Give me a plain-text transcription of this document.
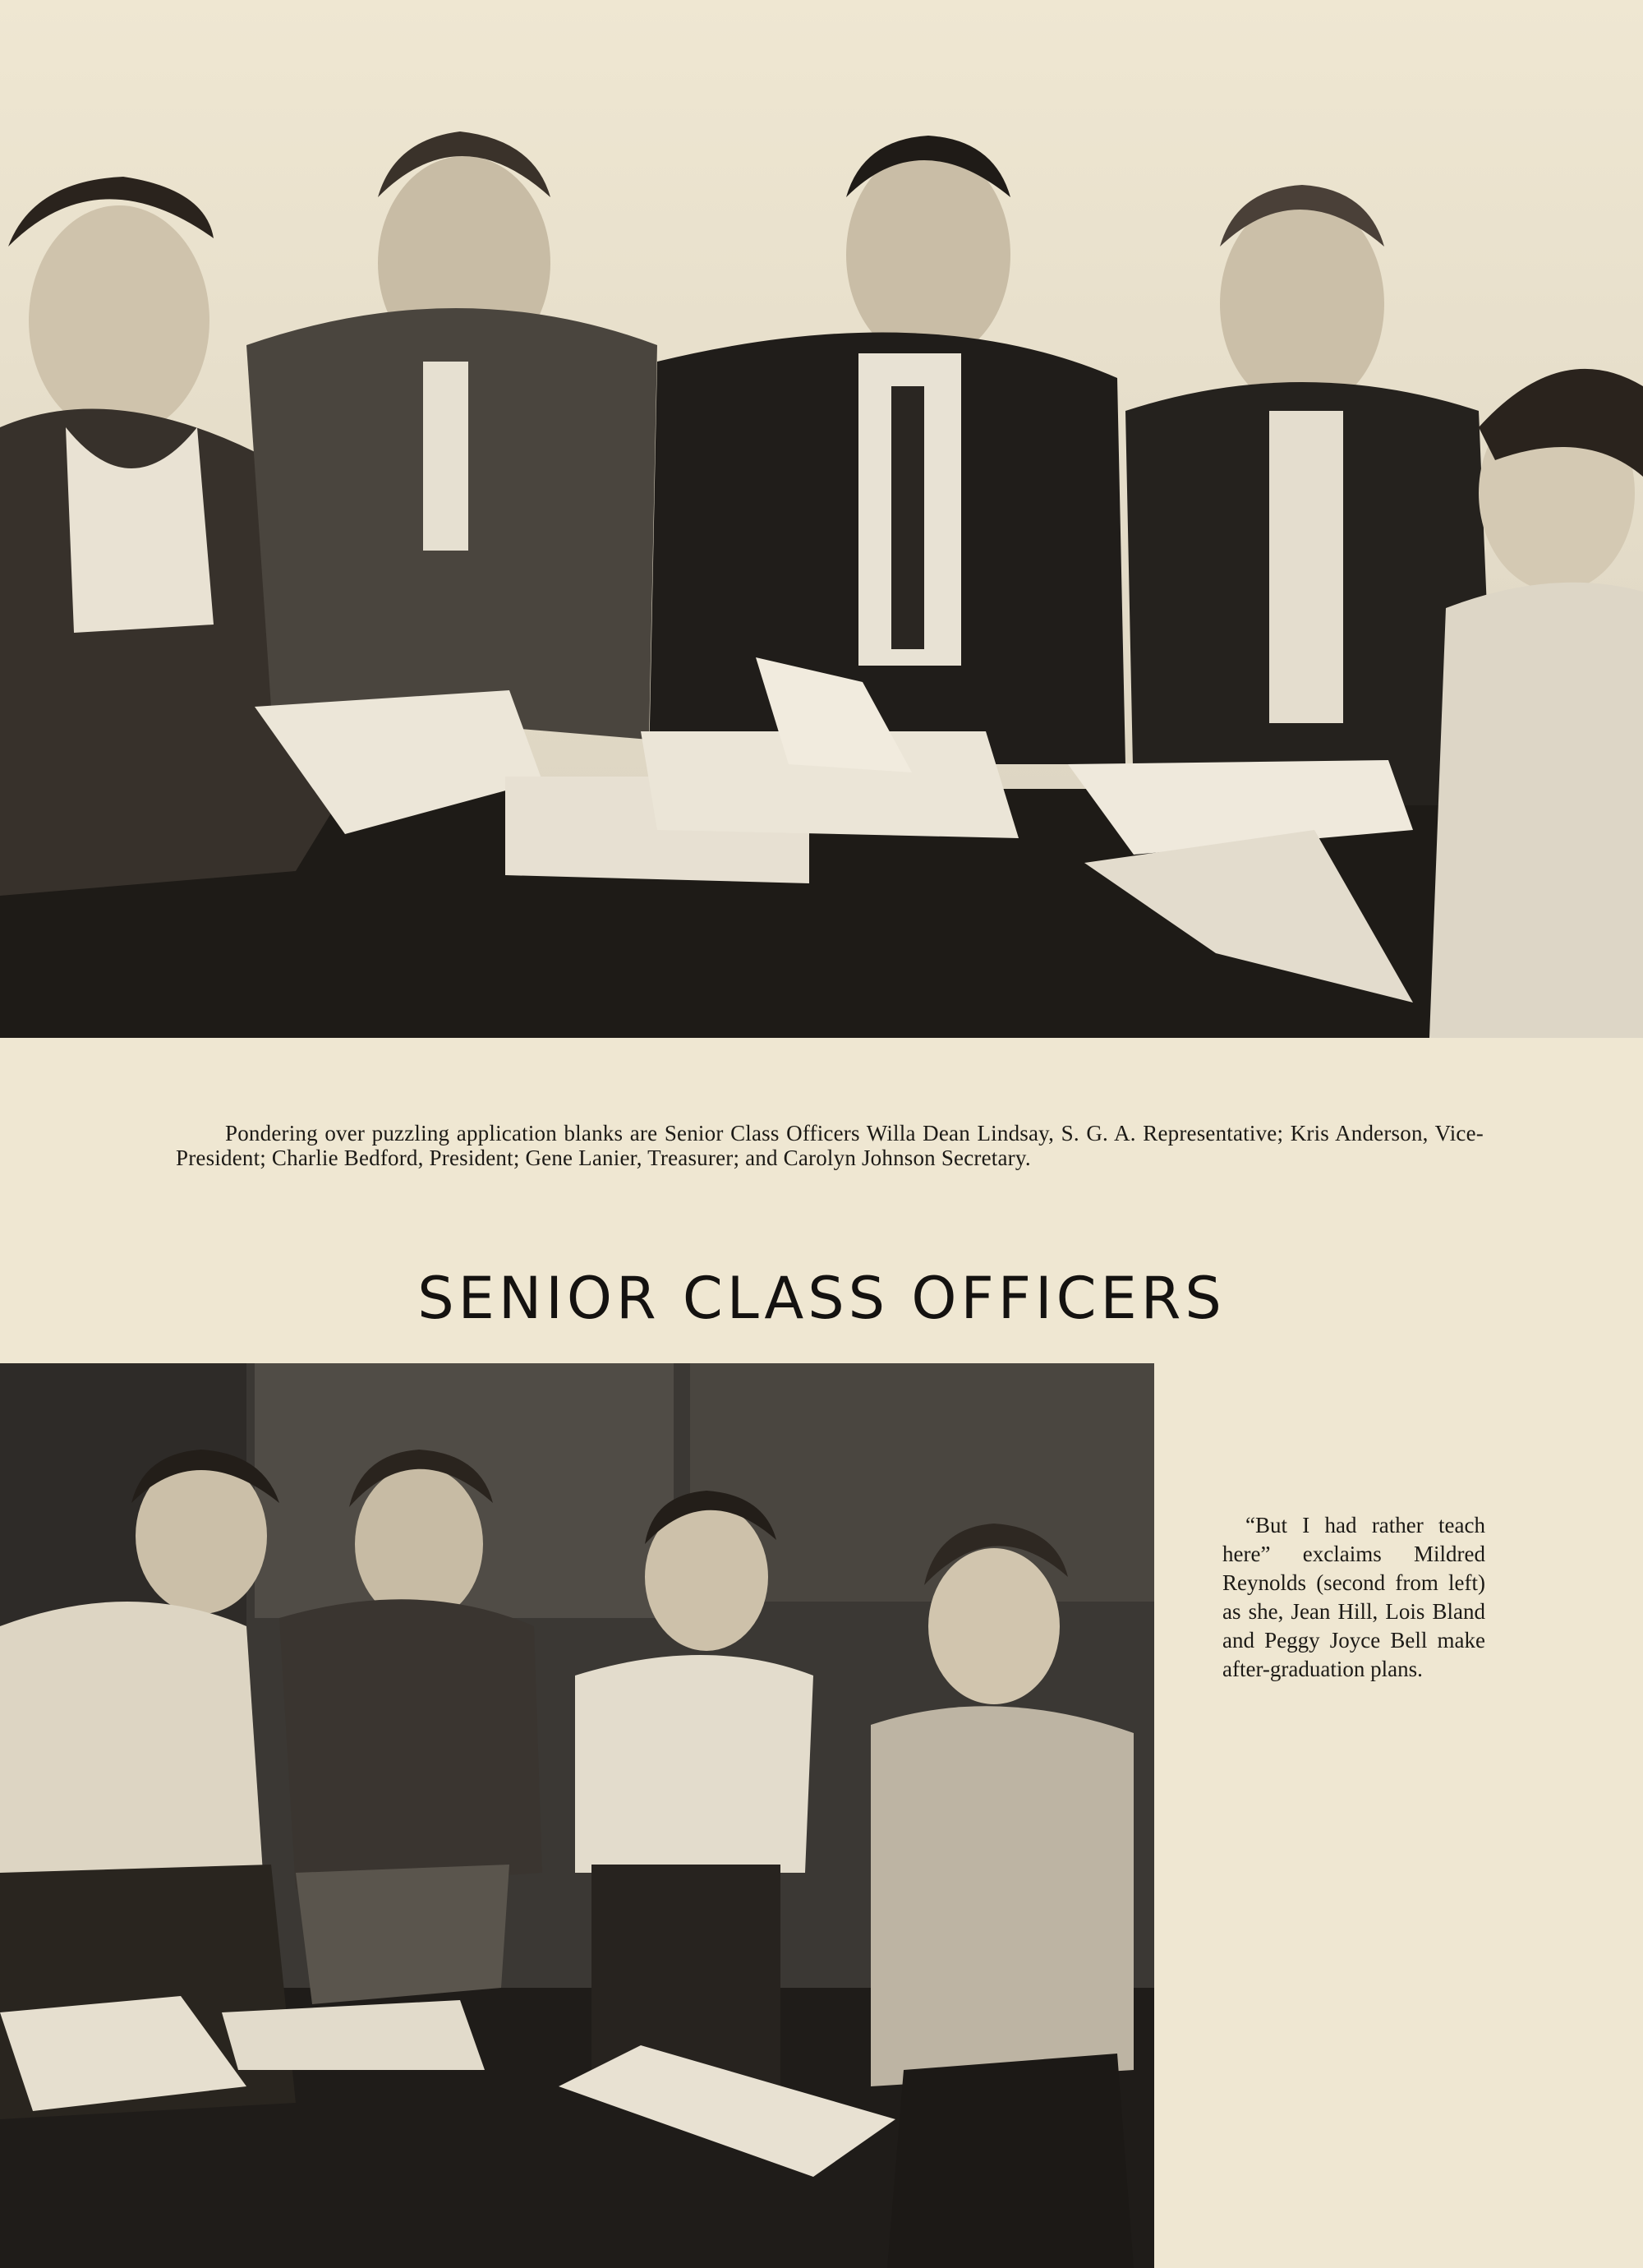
Pondering over puzzling application blanks are Senior Class Officers Willa Dean Lindsay, S. G. A. Representative; Kris Anderson, Vice-President; Charlie Bedford, President; Gene Lanier, Treasurer; and Carolyn Johnson Secretary.

SENIOR CLASS OFFICERS

“But I had rather teach here” exclaims Mildred Reynolds (second from left) as she, Jean Hill, Lois Bland and Peggy Joyce Bell make after-graduation plans.
